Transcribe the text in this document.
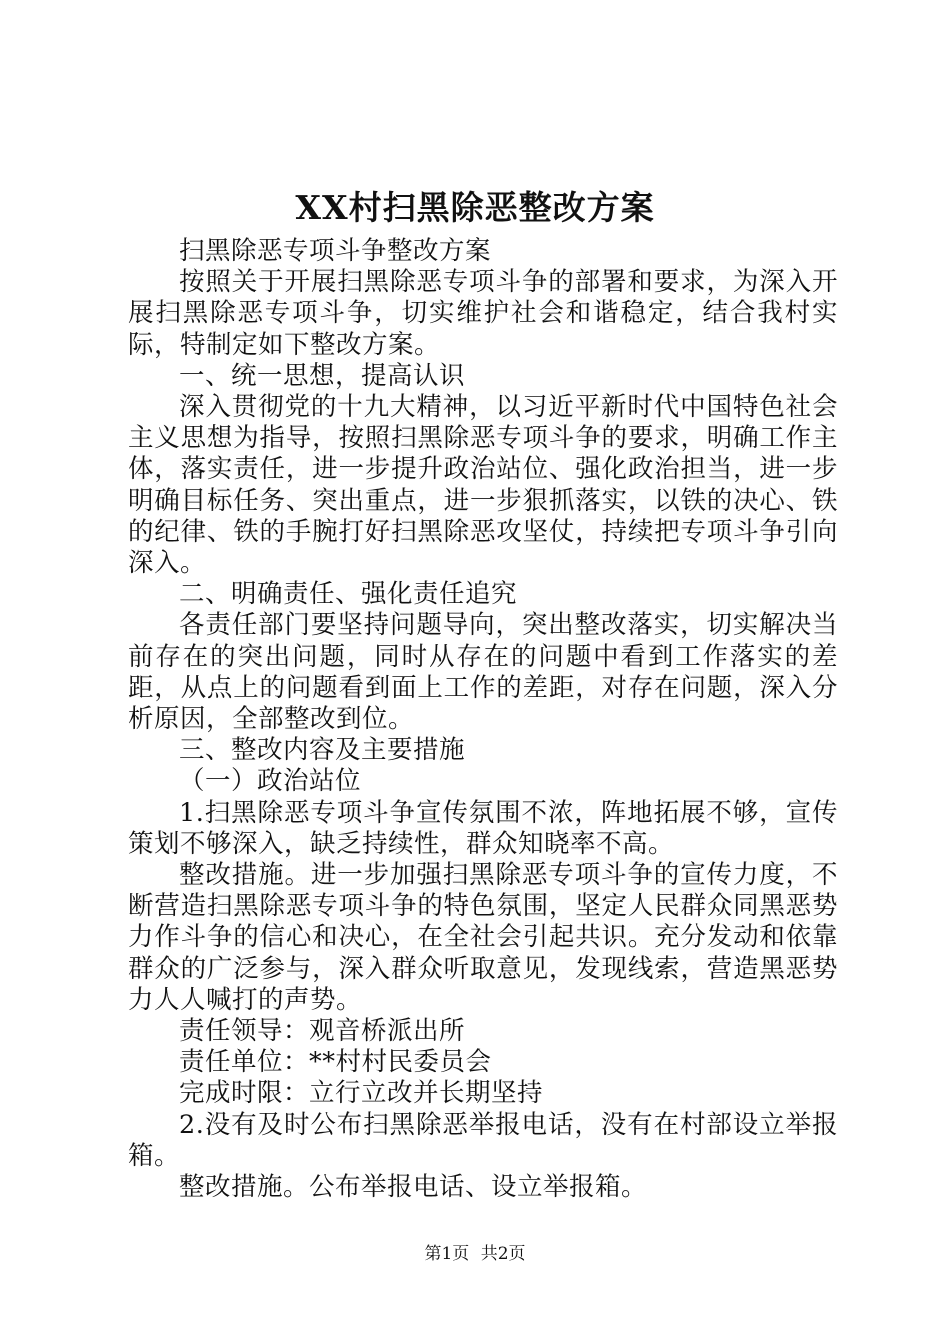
XX村扫黑除恶整改方案

扫黑除恶专项斗争整改方案

按照关于开展扫黑除恶专项斗争的部署和要求，为深入开展扫黑除恶专项斗争，切实维护社会和谐稳定，结合我村实际，特制定如下整改方案。

一、统一思想，提高认识

深入贯彻党的十九大精神，以习近平新时代中国特色社会主义思想为指导，按照扫黑除恶专项斗争的要求，明确工作主体，落实责任，进一步提升政治站位、强化政治担当，进一步明确目标任务、突出重点，进一步狠抓落实，以铁的决心、铁的纪律、铁的手腕打好扫黑除恶攻坚仗，持续把专项斗争引向深入。

二、明确责任、强化责任追究

各责任部门要坚持问题导向，突出整改落实，切实解决当前存在的突出问题，同时从存在的问题中看到工作落实的差距，从点上的问题看到面上工作的差距，对存在问题，深入分析原因，全部整改到位。

三、整改内容及主要措施

（一）政治站位

1.扫黑除恶专项斗争宣传氛围不浓，阵地拓展不够，宣传策划不够深入，缺乏持续性，群众知晓率不高。

整改措施。进一步加强扫黑除恶专项斗争的宣传力度，不断营造扫黑除恶专项斗争的特色氛围，坚定人民群众同黑恶势力作斗争的信心和决心，在全社会引起共识。充分发动和依靠群众的广泛参与，深入群众听取意见，发现线索，营造黑恶势力人人喊打的声势。

责任领导：观音桥派出所

责任单位：**村村民委员会

完成时限：立行立改并长期坚持

2.没有及时公布扫黑除恶举报电话，没有在村部设立举报箱。

整改措施。公布举报电话、设立举报箱。

第1页 共2页
